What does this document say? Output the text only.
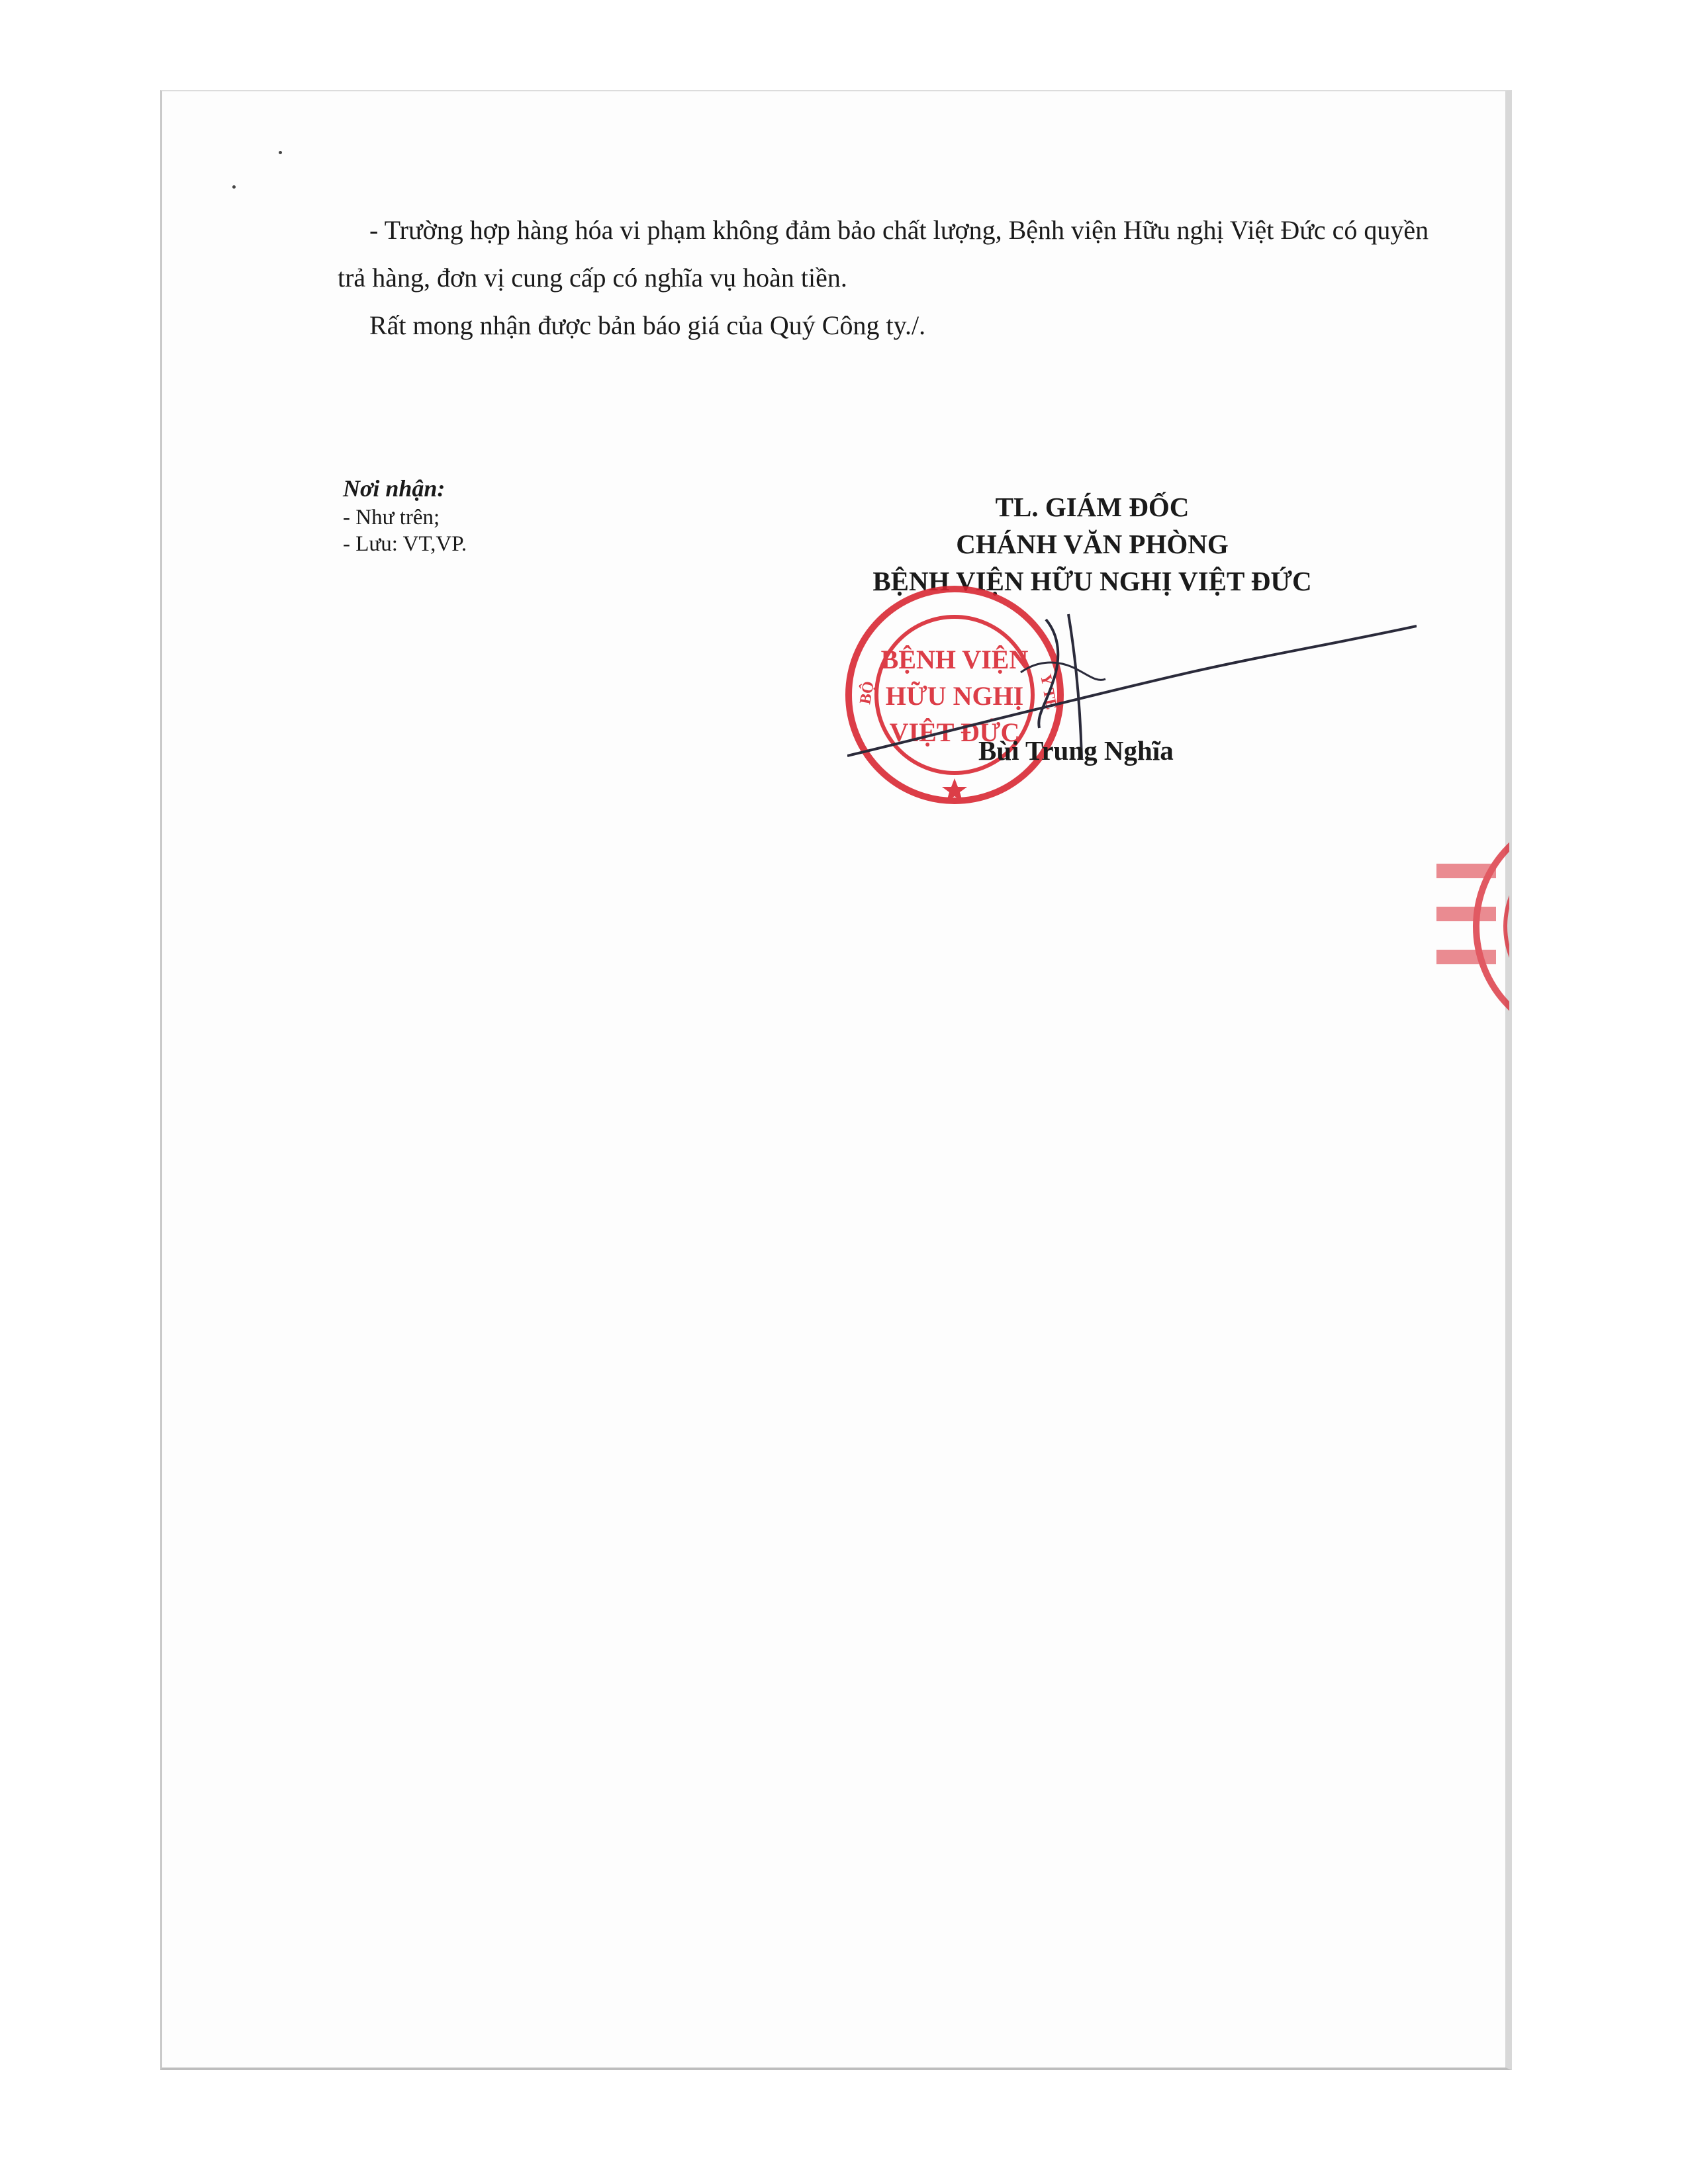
- Trường hợp hàng hóa vi phạm không đảm bảo chất lượng, Bệnh viện Hữu nghị Việt Đức có quyền trả hàng, đơn vị cung cấp có nghĩa vụ hoàn tiền.

Rất mong nhận được bản báo giá của Quý Công ty./.

Nơi nhận:
- Như trên;
- Lưu: VT,VP.
TL. GIÁM ĐỐC
CHÁNH VĂN PHÒNG
BỆNH VIỆN HỮU NGHỊ VIỆT ĐỨC
BỘ	Y TẾ
BỆNH VIỆN
HỮU NGHỊ
VIỆT ĐỨC
Bùi Trung Nghĩa
